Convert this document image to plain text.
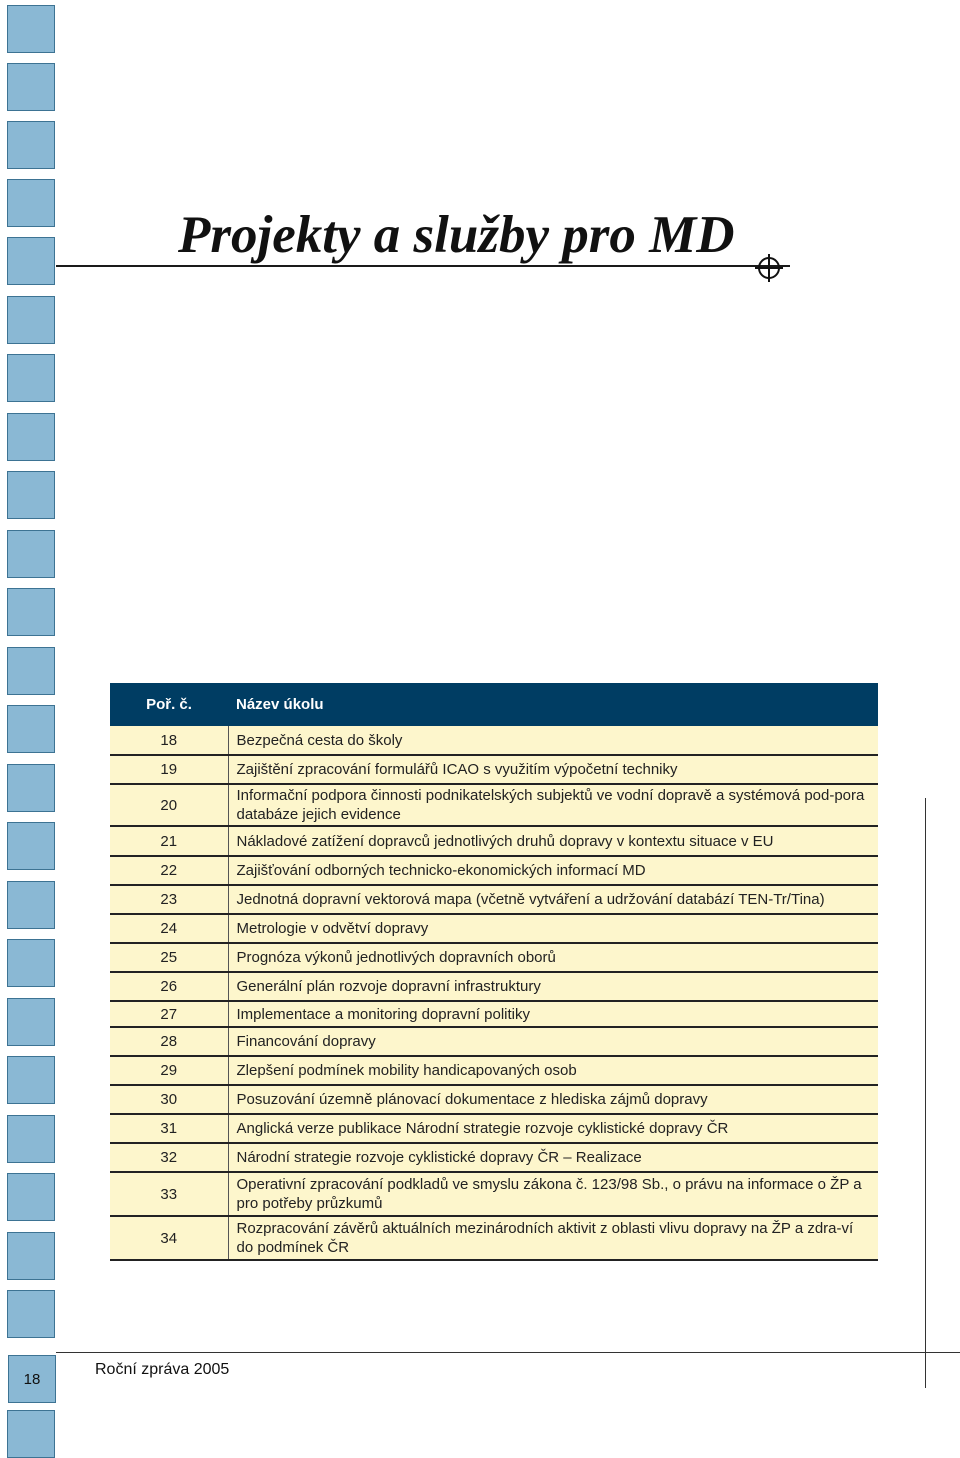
Projekty a služby pro MD
Poř. č.	Název úkolu
18	Bezpečná cesta do školy
19	Zajištění zpracování formulářů ICAO s využitím výpočetní techniky
20	Informační podpora činnosti podnikatelských subjektů ve vodní dopravě a systémová pod-pora databáze jejich evidence
21	Nákladové zatížení dopravců jednotlivých druhů dopravy v kontextu situace v EU
22	Zajišťování odborných technicko-ekonomických informací MD
23	Jednotná dopravní vektorová mapa (včetně vytváření a udržování databází TEN-Tr/Tina)
24	Metrologie v odvětví dopravy
25	Prognóza výkonů jednotlivých dopravních oborů
26	Generální plán rozvoje dopravní infrastruktury
27	Implementace a monitoring dopravní politiky
28	Financování dopravy
29	Zlepšení podmínek mobility handicapovaných osob
30	Posuzování územně plánovací dokumentace z hlediska zájmů dopravy
31	Anglická verze publikace Národní strategie rozvoje cyklistické dopravy ČR
32	Národní strategie rozvoje cyklistické dopravy ČR – Realizace
33	Operativní zpracování podkladů ve smyslu zákona č. 123/98 Sb., o právu na informace o ŽP a pro potřeby průzkumů
34	Rozpracování závěrů aktuálních mezinárodních aktivit z oblasti vlivu dopravy na ŽP a zdra-ví do podmínek ČR
18
Roční zpráva 2005
